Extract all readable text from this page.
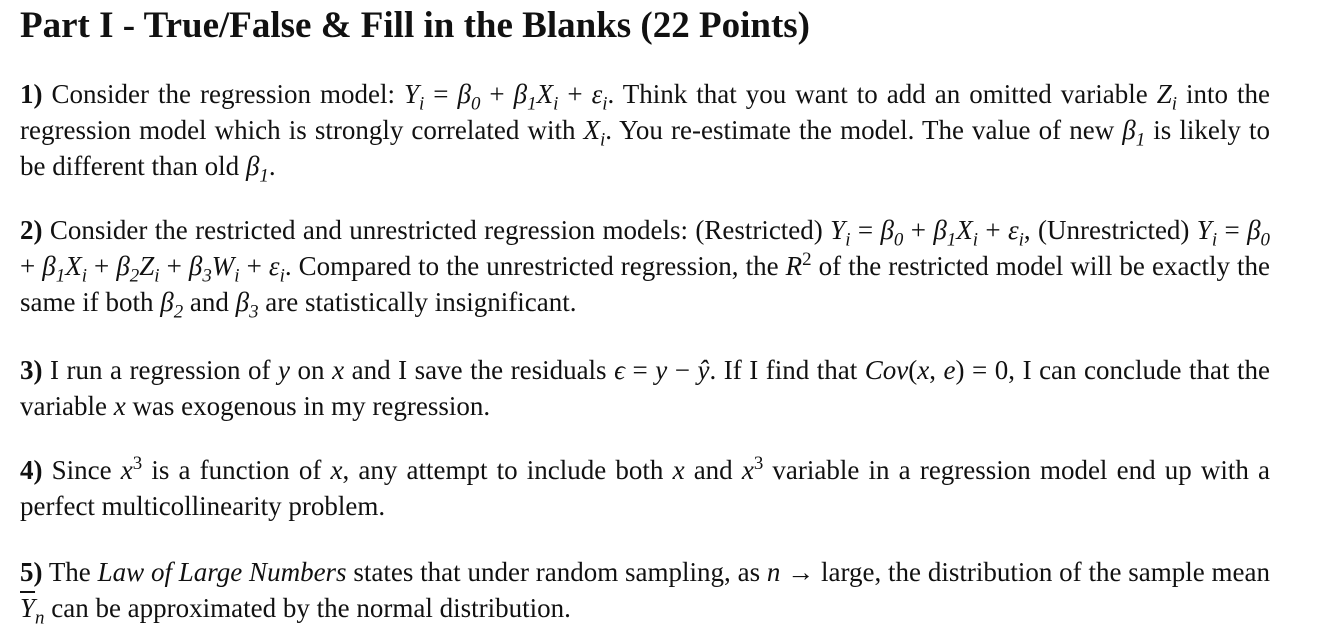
Part I - True/False & Fill in the Blanks (22 Points)

1) Consider the regression model: $Y_i = \beta_0 + \beta_1X_i + \varepsilon_i$. Think that you want to add an omitted variable $Z_i$ into the regression model which is strongly correlated with $X_i$. You re-estimate the model. The value of new $\beta_1$ is likely to be different than old $\beta_1$.

2) Consider the restricted and unrestricted regression models: (Restricted) $Y_i = \beta_0 + \beta_1X_i + \varepsilon_i$, (Unrestricted) $Y_i = \beta_0 + \beta_1X_i + \beta_2Z_i + \beta_3W_i + \varepsilon_i$. Compared to the unrestricted regression, the $R^2$ of the restricted model will be exactly the same if both $\beta_2$ and $\beta_3$ are statistically insignificant.

3) I run a regression of y on x and I save the residuals ϵ = y − ŷ. If I find that Cov(x, e) = 0, I can conclude that the variable x was exogenous in my regression.

4) Since $x^3$ is a function of x, any attempt to include both x and $x^3$ variable in a regression model end up with a perfect multicollinearity problem.

5) The Law of Large Numbers states that under random sampling, as n → large, the distribution of the sample mean $\overline{Y}_n$ can be approximated by the normal distribution.
